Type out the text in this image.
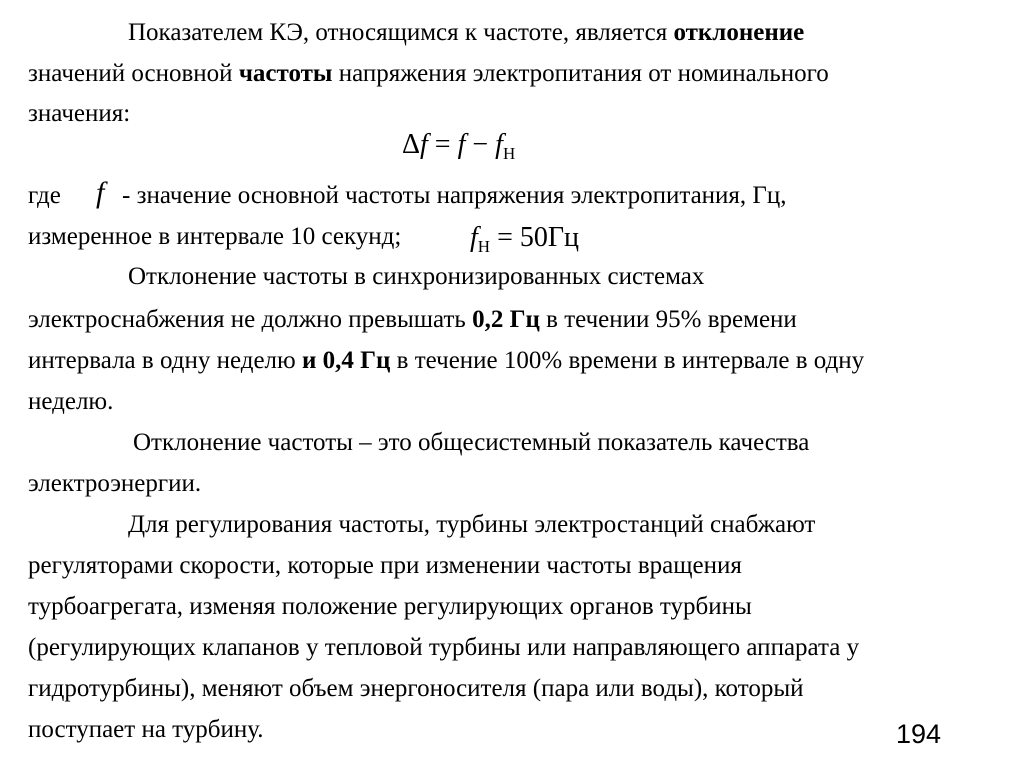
Показателем КЭ, относящимся к частоте, является отклонение
значений основной частоты напряжения электропитания от номинального
значения:
$\Delta f = f - f_Н$
где f - значение основной частоты напряжения электропитания, Гц,
измеренное в интервале 10 секунд; $f_Н = 50Гц$
Отклонение частоты в синхронизированных системах
электроснабжения не должно превышать 0,2 Гц в течении 95% времени
интервала в одну неделю и 0,4 Гц в течение 100% времени в интервале в одну
неделю.
Отклонение частоты – это общесистемный показатель качества
электроэнергии.
Для регулирования частоты, турбины электростанций снабжают
регуляторами скорости, которые при изменении частоты вращения
турбоагрегата, изменяя положение регулирующих органов турбины
(регулирующих клапанов у тепловой турбины или направляющего аппарата у
гидротурбины), меняют объем энергоносителя (пара или воды), который
поступает на турбину.	194
